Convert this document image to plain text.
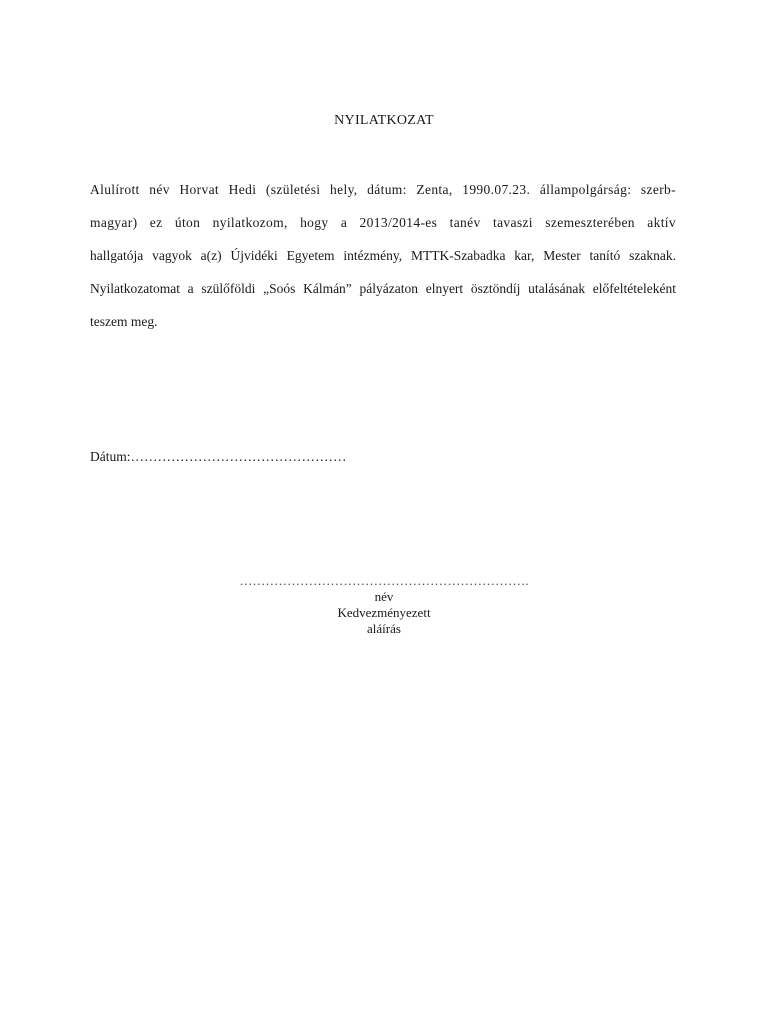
NYILATKOZAT
Alulírott név Horvat Hedi (születési hely, dátum: Zenta, 1990.07.23. állampolgárság: szerb-
magyar) ez úton nyilatkozom, hogy a 2013/2014-es tanév tavaszi szemeszterében aktív
hallgatója vagyok a(z) Újvidéki Egyetem intézmény, MTTK-Szabadka kar, Mester tanító szaknak.
Nyilatkozatomat a szülőföldi „Soós Kálmán” pályázaton elnyert ösztöndíj utalásának előfeltételeként
teszem meg.
Dátum:…………………………………………
………………………………………………………….
név
Kedvezményezett
aláírás
